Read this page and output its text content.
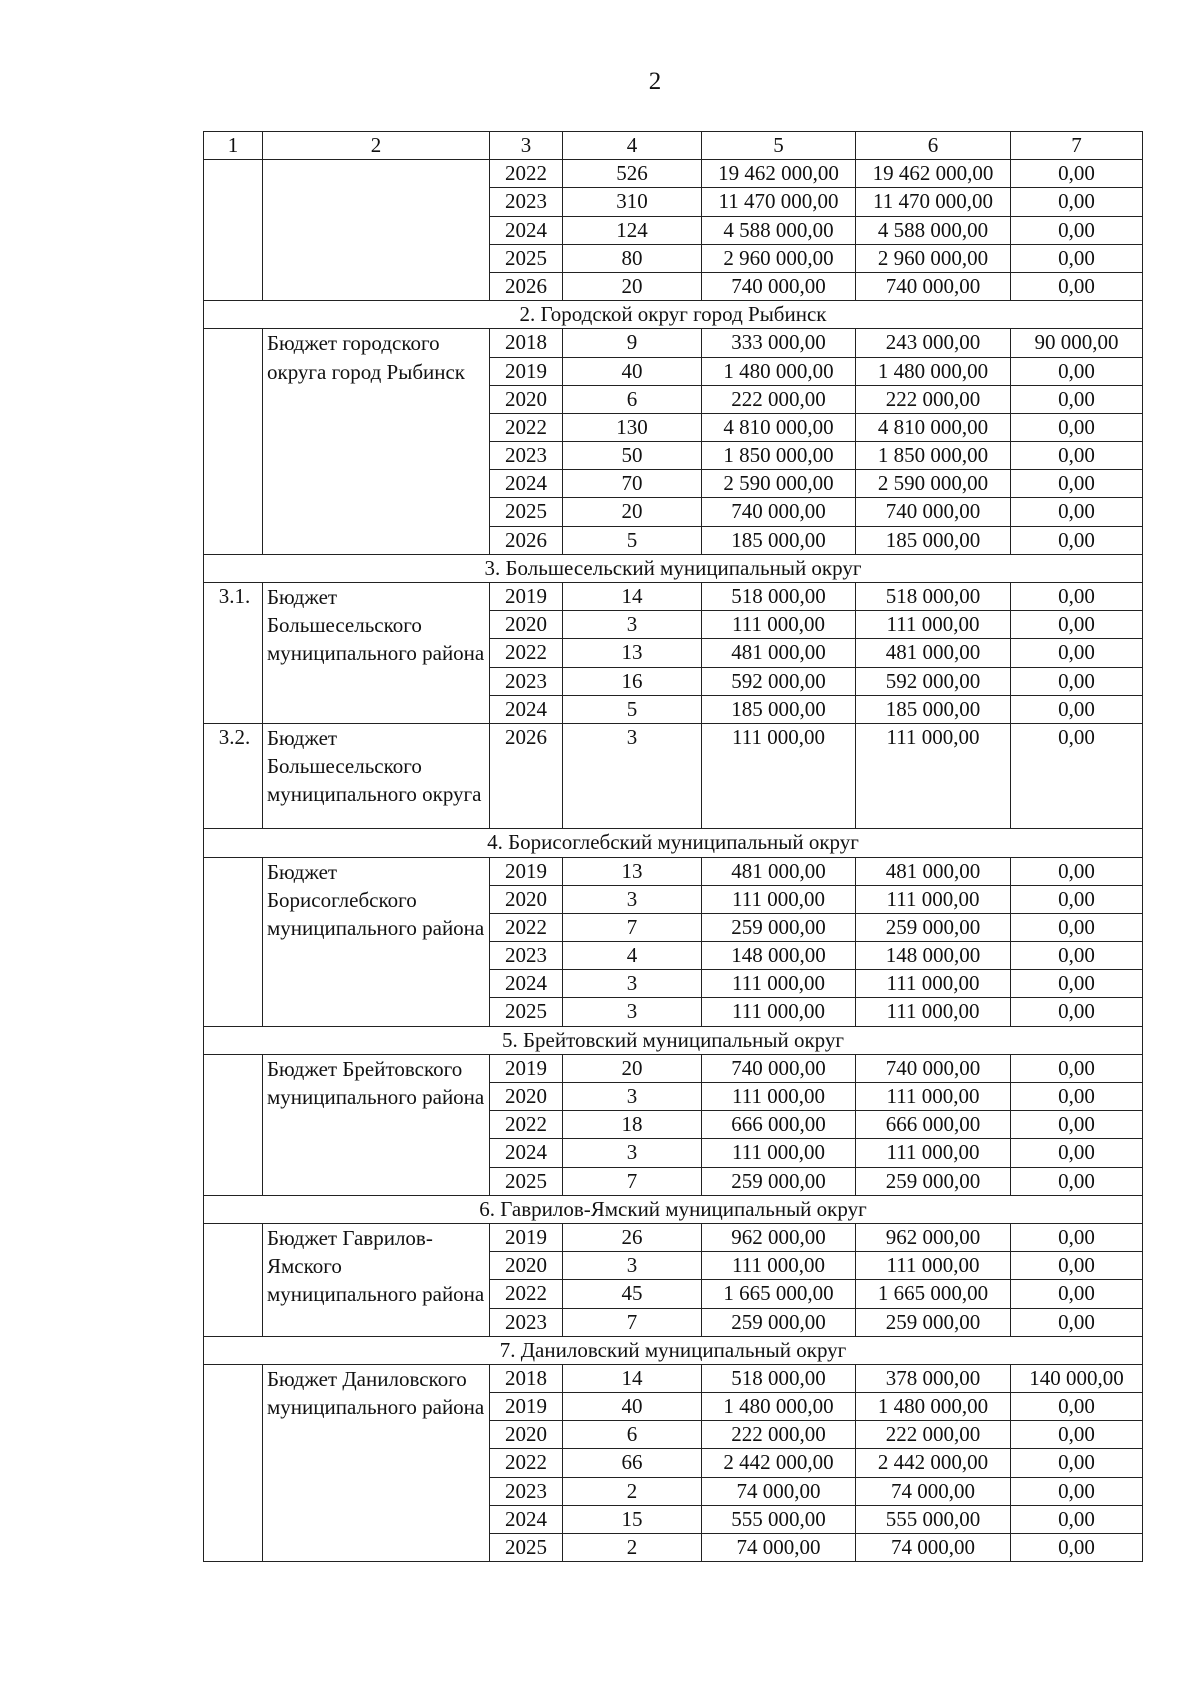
2
1	2	3	4	5	6	7
		2022	526	19 462 000,00	19 462 000,00	0,00
		2023	310	11 470 000,00	11 470 000,00	0,00
		2024	124	4 588 000,00	4 588 000,00	0,00
		2025	80	2 960 000,00	2 960 000,00	0,00
		2026	20	740 000,00	740 000,00	0,00
2. Городской округ город Рыбинск						
	Бюджет городского округа город Рыбинск	2018	9	333 000,00	243 000,00	90 000,00
		2019	40	1 480 000,00	1 480 000,00	0,00
		2020	6	222 000,00	222 000,00	0,00
		2022	130	4 810 000,00	4 810 000,00	0,00
		2023	50	1 850 000,00	1 850 000,00	0,00
		2024	70	2 590 000,00	2 590 000,00	0,00
		2025	20	740 000,00	740 000,00	0,00
		2026	5	185 000,00	185 000,00	0,00
3. Большесельский муниципальный округ						
3.1.	Бюджет Большесельского муниципального района	2019	14	518 000,00	518 000,00	0,00
		2020	3	111 000,00	111 000,00	0,00
		2022	13	481 000,00	481 000,00	0,00
		2023	16	592 000,00	592 000,00	0,00
		2024	5	185 000,00	185 000,00	0,00
3.2.	Бюджет Большесельского муниципального округа	2026	3	111 000,00	111 000,00	0,00
4. Борисоглебский муниципальный округ						
	Бюджет Борисоглебского муниципального района	2019	13	481 000,00	481 000,00	0,00
		2020	3	111 000,00	111 000,00	0,00
		2022	7	259 000,00	259 000,00	0,00
		2023	4	148 000,00	148 000,00	0,00
		2024	3	111 000,00	111 000,00	0,00
		2025	3	111 000,00	111 000,00	0,00
5. Брейтовский муниципальный округ						
	Бюджет Брейтовского муниципального района	2019	20	740 000,00	740 000,00	0,00
		2020	3	111 000,00	111 000,00	0,00
		2022	18	666 000,00	666 000,00	0,00
		2024	3	111 000,00	111 000,00	0,00
		2025	7	259 000,00	259 000,00	0,00
6. Гаврилов-Ямский муниципальный округ						
	Бюджет Гаврилов-Ямского муниципального района	2019	26	962 000,00	962 000,00	0,00
		2020	3	111 000,00	111 000,00	0,00
		2022	45	1 665 000,00	1 665 000,00	0,00
		2023	7	259 000,00	259 000,00	0,00
7. Даниловский муниципальный округ						
	Бюджет Даниловского муниципального района	2018	14	518 000,00	378 000,00	140 000,00
		2019	40	1 480 000,00	1 480 000,00	0,00
		2020	6	222 000,00	222 000,00	0,00
		2022	66	2 442 000,00	2 442 000,00	0,00
		2023	2	74 000,00	74 000,00	0,00
		2024	15	555 000,00	555 000,00	0,00
		2025	2	74 000,00	74 000,00	0,00
